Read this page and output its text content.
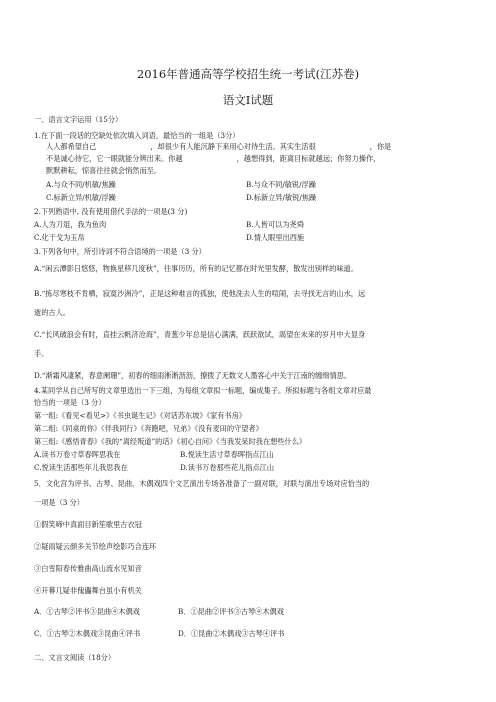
2016年普通高等学校招生统一考试(江苏卷)
语文Ⅰ试题
一、语言文字运用（15分）
1.在下面一段话的空缺处依次填入词语，最恰当的一组是（3分）
人人都希望自己	，却很少有人能沉静下来用心对待生活。其实生活很	，你是
不是诚心待它，它一眼就能分辨出来。你越	，越想得到，距离目标就越远；你努力操作，
默默耕耘，惊喜往往就会悄然而至。
A.与众不同/机敏/焦躁	B.与众不同/敏锐/浮躁
C.标新立异/机敏/浮躁	D.标新立异/敏锐/焦躁
2.下列熟语中, 没有使用借代手法的一项是(3 分)
A.人为刀俎，我为鱼肉	B.人皆可以为尧舜
C.化干戈为玉帛	D.情人眼里出西施
3.下列各句中，所引诗词不符合语境的一项是（3 分）
A.“闲云潭影日悠悠，物换星移几度秋”，往事历历，所有的记忆都在时光里发酵，散发出别样的味道。
B.“拣尽寒枝不肯栖，寂寞沙洲冷”，正是这种难言的孤独，使他洗去人生的喧闹，去寻找无言的山水，远
逝的古人。
C.“长风破浪会有时，直挂云帆济沧海”，青葱少年总是信心满满，跃跃欲试，渴望在未来的岁月中大显身
手。
D.“渐霜风凄紧，春意阑珊”，初春的细雨淅淅沥沥，撩拨了无数文人墨客心中关于江南的缠绵情思。
4.某同学从自己所写的文章里选出一下三组，为每组文章拟一标题，编成集子。所拟标题与各组文章对应最
恰当的一项是（3 分）
第一组:《看见<看见>》《书虫诞生记》《对话苏东坡》《家有书房》
第二组:《同桌的你》《伴我同行》《奔跑吧，兄弟》《没有麦田的守望者》
第三组:《感悟青春》《我的“离经叛道”的话》《初心自问》《当我发呆时我在想些什么》
A.读书万卷寸草春晖思我在	B.悦读生活寸草春晖指点江山
C.悦读生活那些年儿我思我在	D.读书万卷那些花儿指点江山
5．文化宫为评书、古琴、昆曲、木偶戏四个文艺演出专场各准备了一副对联，对联与演出专场对应恰当的
一项是（3 分）
①假笑啼中真面目新笙歌里古衣冠
②疑雨疑云颜多关节绘声绘影巧合连环
③白雪阳春传雅曲高山流水见知音
④开幕几疑非傀儡舞台虽小有机关
A．①古琴②评书③昆曲④木偶戏	B．①昆曲②评书③古琴④木偶戏
C．①古琴②木偶戏③昆曲④评书	D．①昆曲②木偶戏③古琴④评书
二、文言文阅读（18分）
